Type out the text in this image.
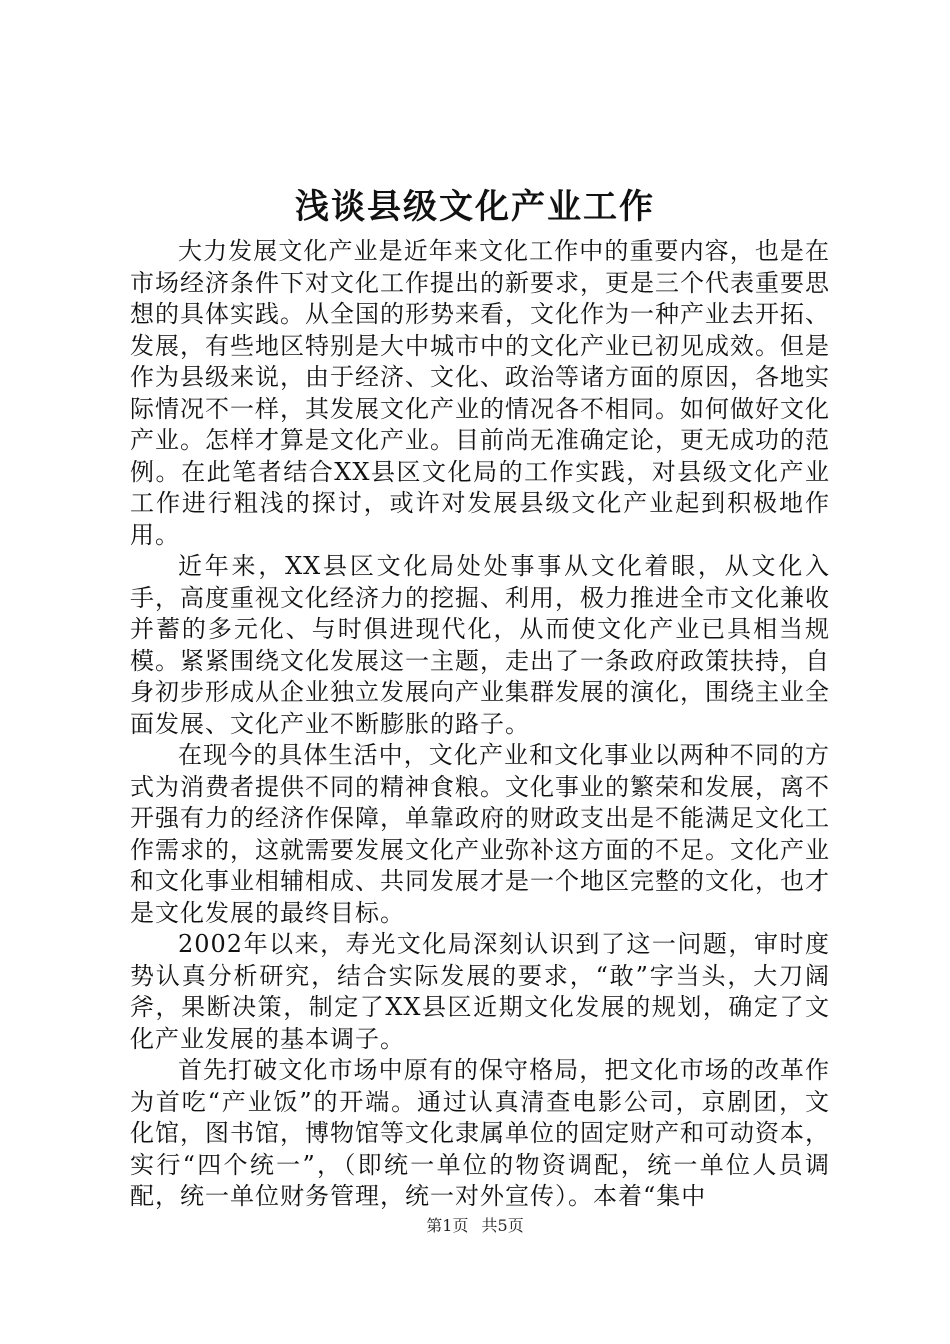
浅谈县级文化产业工作

大力发展文化产业是近年来文化工作中的重要内容，也是在市场经济条件下对文化工作提出的新要求，更是三个代表重要思想的具体实践。从全国的形势来看，文化作为一种产业去开拓、发展，有些地区特别是大中城市中的文化产业已初见成效。但是作为县级来说，由于经济、文化、政治等诸方面的原因，各地实际情况不一样，其发展文化产业的情况各不相同。如何做好文化产业。怎样才算是文化产业。目前尚无准确定论，更无成功的范例。在此笔者结合XX县区文化局的工作实践，对县级文化产业工作进行粗浅的探讨，或许对发展县级文化产业起到积极地作用。

近年来，XX县区文化局处处事事从文化着眼，从文化入手，高度重视文化经济力的挖掘、利用，极力推进全市文化兼收并蓄的多元化、与时俱进现代化，从而使文化产业已具相当规模。紧紧围绕文化发展这一主题，走出了一条政府政策扶持，自身初步形成从企业独立发展向产业集群发展的演化，围绕主业全面发展、文化产业不断膨胀的路子。

在现今的具体生活中，文化产业和文化事业以两种不同的方式为消费者提供不同的精神食粮。文化事业的繁荣和发展，离不开强有力的经济作保障，单靠政府的财政支出是不能满足文化工作需求的，这就需要发展文化产业弥补这方面的不足。文化产业和文化事业相辅相成、共同发展才是一个地区完整的文化，也才是文化发展的最终目标。

2002年以来，寿光文化局深刻认识到了这一问题，审时度势认真分析研究，结合实际发展的要求，“敢”字当头，大刀阔斧，果断决策，制定了XX县区近期文化发展的规划，确定了文化产业发展的基本调子。

首先打破文化市场中原有的保守格局，把文化市场的改革作为首吃“产业饭”的开端。通过认真清查电影公司，京剧团，文化馆，图书馆，博物馆等文化隶属单位的固定财产和可动资本，实行“四个统一”，（即统一单位的物资调配，统一单位人员调配，统一单位财务管理，统一对外宣传）。本着“集中

第1页 共5页
